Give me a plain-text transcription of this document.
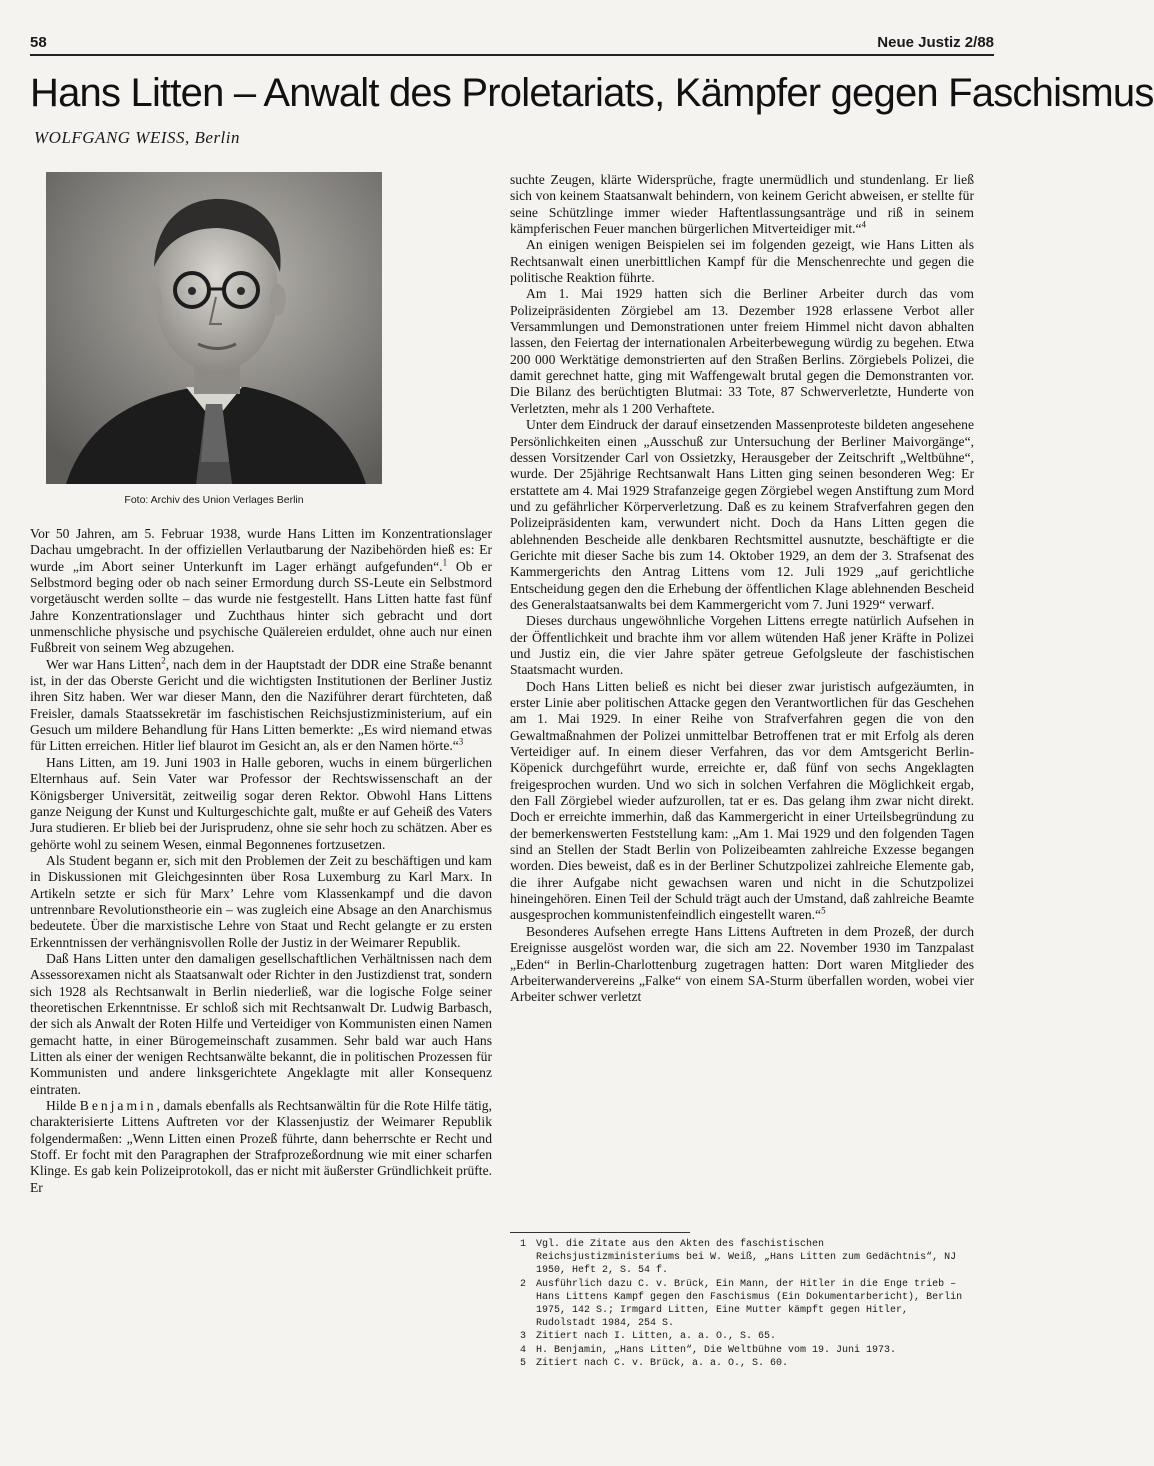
58	Neue Justiz 2/88
Hans Litten – Anwalt des Proletariats, Kämpfer gegen Faschismus
WOLFGANG WEISS, Berlin
Foto: Archiv des Union Verlages Berlin

Vor 50 Jahren, am 5. Februar 1938, wurde Hans Litten im Konzentrationslager Dachau umgebracht. In der offiziellen Verlautbarung der Nazibehörden hieß es: Er wurde „im Abort seiner Unterkunft im Lager erhängt aufgefunden“.$^1$ Ob er Selbstmord beging oder ob nach seiner Ermordung durch SS-Leute ein Selbstmord vorgetäuscht werden sollte – das wurde nie festgestellt. Hans Litten hatte fast fünf Jahre Konzentrationslager und Zuchthaus hinter sich gebracht und dort unmenschliche physische und psychische Quälereien erduldet, ohne auch nur einen Fußbreit von seinem Weg abzugehen.

Wer war Hans Litten$^2$, nach dem in der Hauptstadt der DDR eine Straße benannt ist, in der das Oberste Gericht und die wichtigsten Institutionen der Berliner Justiz ihren Sitz haben. Wer war dieser Mann, den die Naziführer derart fürchteten, daß Freisler, damals Staatssekretär im faschistischen Reichsjustizministerium, auf ein Gesuch um mildere Behandlung für Hans Litten bemerkte: „Es wird niemand etwas für Litten erreichen. Hitler lief blaurot im Gesicht an, als er den Namen hörte.“$^3$

Hans Litten, am 19. Juni 1903 in Halle geboren, wuchs in einem bürgerlichen Elternhaus auf. Sein Vater war Professor der Rechtswissenschaft an der Königsberger Universität, zeitweilig sogar deren Rektor. Obwohl Hans Littens ganze Neigung der Kunst und Kulturgeschichte galt, mußte er auf Geheiß des Vaters Jura studieren. Er blieb bei der Jurisprudenz, ohne sie sehr hoch zu schätzen. Aber es gehörte wohl zu seinem Wesen, einmal Begonnenes fortzusetzen.

Als Student begann er, sich mit den Problemen der Zeit zu beschäftigen und kam in Diskussionen mit Gleichgesinnten über Rosa Luxemburg zu Karl Marx. In Artikeln setzte er sich für Marx’ Lehre vom Klassenkampf und die davon untrennbare Revolutionstheorie ein – was zugleich eine Absage an den Anarchismus bedeutete. Über die marxistische Lehre von Staat und Recht gelangte er zu ersten Erkenntnissen der verhängnisvollen Rolle der Justiz in der Weimarer Republik.

Daß Hans Litten unter den damaligen gesellschaftlichen Verhältnissen nach dem Assessorexamen nicht als Staatsanwalt oder Richter in den Justizdienst trat, sondern sich 1928 als Rechtsanwalt in Berlin niederließ, war die logische Folge seiner theoretischen Erkenntnisse. Er schloß sich mit Rechtsanwalt Dr. Ludwig Barbasch, der sich als Anwalt der Roten Hilfe und Verteidiger von Kommunisten einen Namen gemacht hatte, in einer Bürogemeinschaft zusammen. Sehr bald war auch Hans Litten als einer der wenigen Rechtsanwälte bekannt, die in politischen Prozessen für Kommunisten und andere linksgerichtete Angeklagte mit aller Konsequenz eintraten.

Hilde Benjamin, damals ebenfalls als Rechtsanwältin für die Rote Hilfe tätig, charakterisierte Littens Auftreten vor der Klassenjustiz der Weimarer Republik folgendermaßen: „Wenn Litten einen Prozeß führte, dann beherrschte er Recht und Stoff. Er focht mit den Paragraphen der Strafprozeßordnung wie mit einer scharfen Klinge. Es gab kein Polizeiprotokoll, das er nicht mit äußerster Gründlichkeit prüfte. Er

suchte Zeugen, klärte Widersprüche, fragte unermüdlich und stundenlang. Er ließ sich von keinem Staatsanwalt behindern, von keinem Gericht abweisen, er stellte für seine Schützlinge immer wieder Haftentlassungsanträge und riß in seinem kämpferischen Feuer manchen bürgerlichen Mitverteidiger mit.“$^4$

An einigen wenigen Beispielen sei im folgenden gezeigt, wie Hans Litten als Rechtsanwalt einen unerbittlichen Kampf für die Menschenrechte und gegen die politische Reaktion führte.

Am 1. Mai 1929 hatten sich die Berliner Arbeiter durch das vom Polizeipräsidenten Zörgiebel am 13. Dezember 1928 erlassene Verbot aller Versammlungen und Demonstrationen unter freiem Himmel nicht davon abhalten lassen, den Feiertag der internationalen Arbeiterbewegung würdig zu begehen. Etwa 200 000 Werktätige demonstrierten auf den Straßen Berlins. Zörgiebels Polizei, die damit gerechnet hatte, ging mit Waffengewalt brutal gegen die Demonstranten vor. Die Bilanz des berüchtigten Blutmai: 33 Tote, 87 Schwerverletzte, Hunderte von Verletzten, mehr als 1 200 Verhaftete.

Unter dem Eindruck der darauf einsetzenden Massenproteste bildeten angesehene Persönlichkeiten einen „Ausschuß zur Untersuchung der Berliner Maivorgänge“, dessen Vorsitzender Carl von Ossietzky, Herausgeber der Zeitschrift „Weltbühne“, wurde. Der 25jährige Rechtsanwalt Hans Litten ging seinen besonderen Weg: Er erstattete am 4. Mai 1929 Strafanzeige gegen Zörgiebel wegen Anstiftung zum Mord und zu gefährlicher Körperverletzung. Daß es zu keinem Strafverfahren gegen den Polizeipräsidenten kam, verwundert nicht. Doch da Hans Litten gegen die ablehnenden Bescheide alle denkbaren Rechtsmittel ausnutzte, beschäftigte er die Gerichte mit dieser Sache bis zum 14. Oktober 1929, an dem der 3. Strafsenat des Kammergerichts den Antrag Littens vom 12. Juli 1929 „auf gerichtliche Entscheidung gegen den die Erhebung der öffentlichen Klage ablehnenden Bescheid des Generalstaatsanwalts bei dem Kammergericht vom 7. Juni 1929“ verwarf.

Dieses durchaus ungewöhnliche Vorgehen Littens erregte natürlich Aufsehen in der Öffentlichkeit und brachte ihm vor allem wütenden Haß jener Kräfte in Polizei und Justiz ein, die vier Jahre später getreue Gefolgsleute der faschistischen Staatsmacht wurden.

Doch Hans Litten beließ es nicht bei dieser zwar juristisch aufgezäumten, in erster Linie aber politischen Attacke gegen den Verantwortlichen für das Geschehen am 1. Mai 1929. In einer Reihe von Strafverfahren gegen die von den Gewaltmaßnahmen der Polizei unmittelbar Betroffenen trat er mit Erfolg als deren Verteidiger auf. In einem dieser Verfahren, das vor dem Amtsgericht Berlin-Köpenick durchgeführt wurde, erreichte er, daß fünf von sechs Angeklagten freigesprochen wurden. Und wo sich in solchen Verfahren die Möglichkeit ergab, den Fall Zörgiebel wieder aufzurollen, tat er es. Das gelang ihm zwar nicht direkt. Doch er erreichte immerhin, daß das Kammergericht in einer Urteilsbegründung zu der bemerkenswerten Feststellung kam: „Am 1. Mai 1929 und den folgenden Tagen sind an Stellen der Stadt Berlin von Polizeibeamten zahlreiche Exzesse begangen worden. Dies beweist, daß es in der Berliner Schutzpolizei zahlreiche Elemente gab, die ihrer Aufgabe nicht gewachsen waren und nicht in die Schutzpolizei hineingehören. Einen Teil der Schuld trägt auch der Umstand, daß zahlreiche Beamte ausgesprochen kommunistenfeindlich eingestellt waren.“$^5$

Besonderes Aufsehen erregte Hans Littens Auftreten in dem Prozeß, der durch Ereignisse ausgelöst worden war, die sich am 22. November 1930 im Tanzpalast „Eden“ in Berlin-Charlottenburg zugetragen hatten: Dort waren Mitglieder des Arbeiterwandervereins „Falke“ von einem SA-Sturm überfallen worden, wobei vier Arbeiter schwer verletzt

1 Vgl. die Zitate aus den Akten des faschistischen Reichsjustizministeriums bei W. Weiß, „Hans Litten zum Gedächtnis“, NJ 1950, Heft 2, S. 54 f.

2 Ausführlich dazu C. v. Brück, Ein Mann, der Hitler in die Enge trieb – Hans Littens Kampf gegen den Faschismus (Ein Dokumentarbericht), Berlin 1975, 142 S.; Irmgard Litten, Eine Mutter kämpft gegen Hitler, Rudolstadt 1984, 254 S.

3 Zitiert nach I. Litten, a. a. O., S. 65.

4 H. Benjamin, „Hans Litten“, Die Weltbühne vom 19. Juni 1973.

5 Zitiert nach C. v. Brück, a. a. O., S. 60.
